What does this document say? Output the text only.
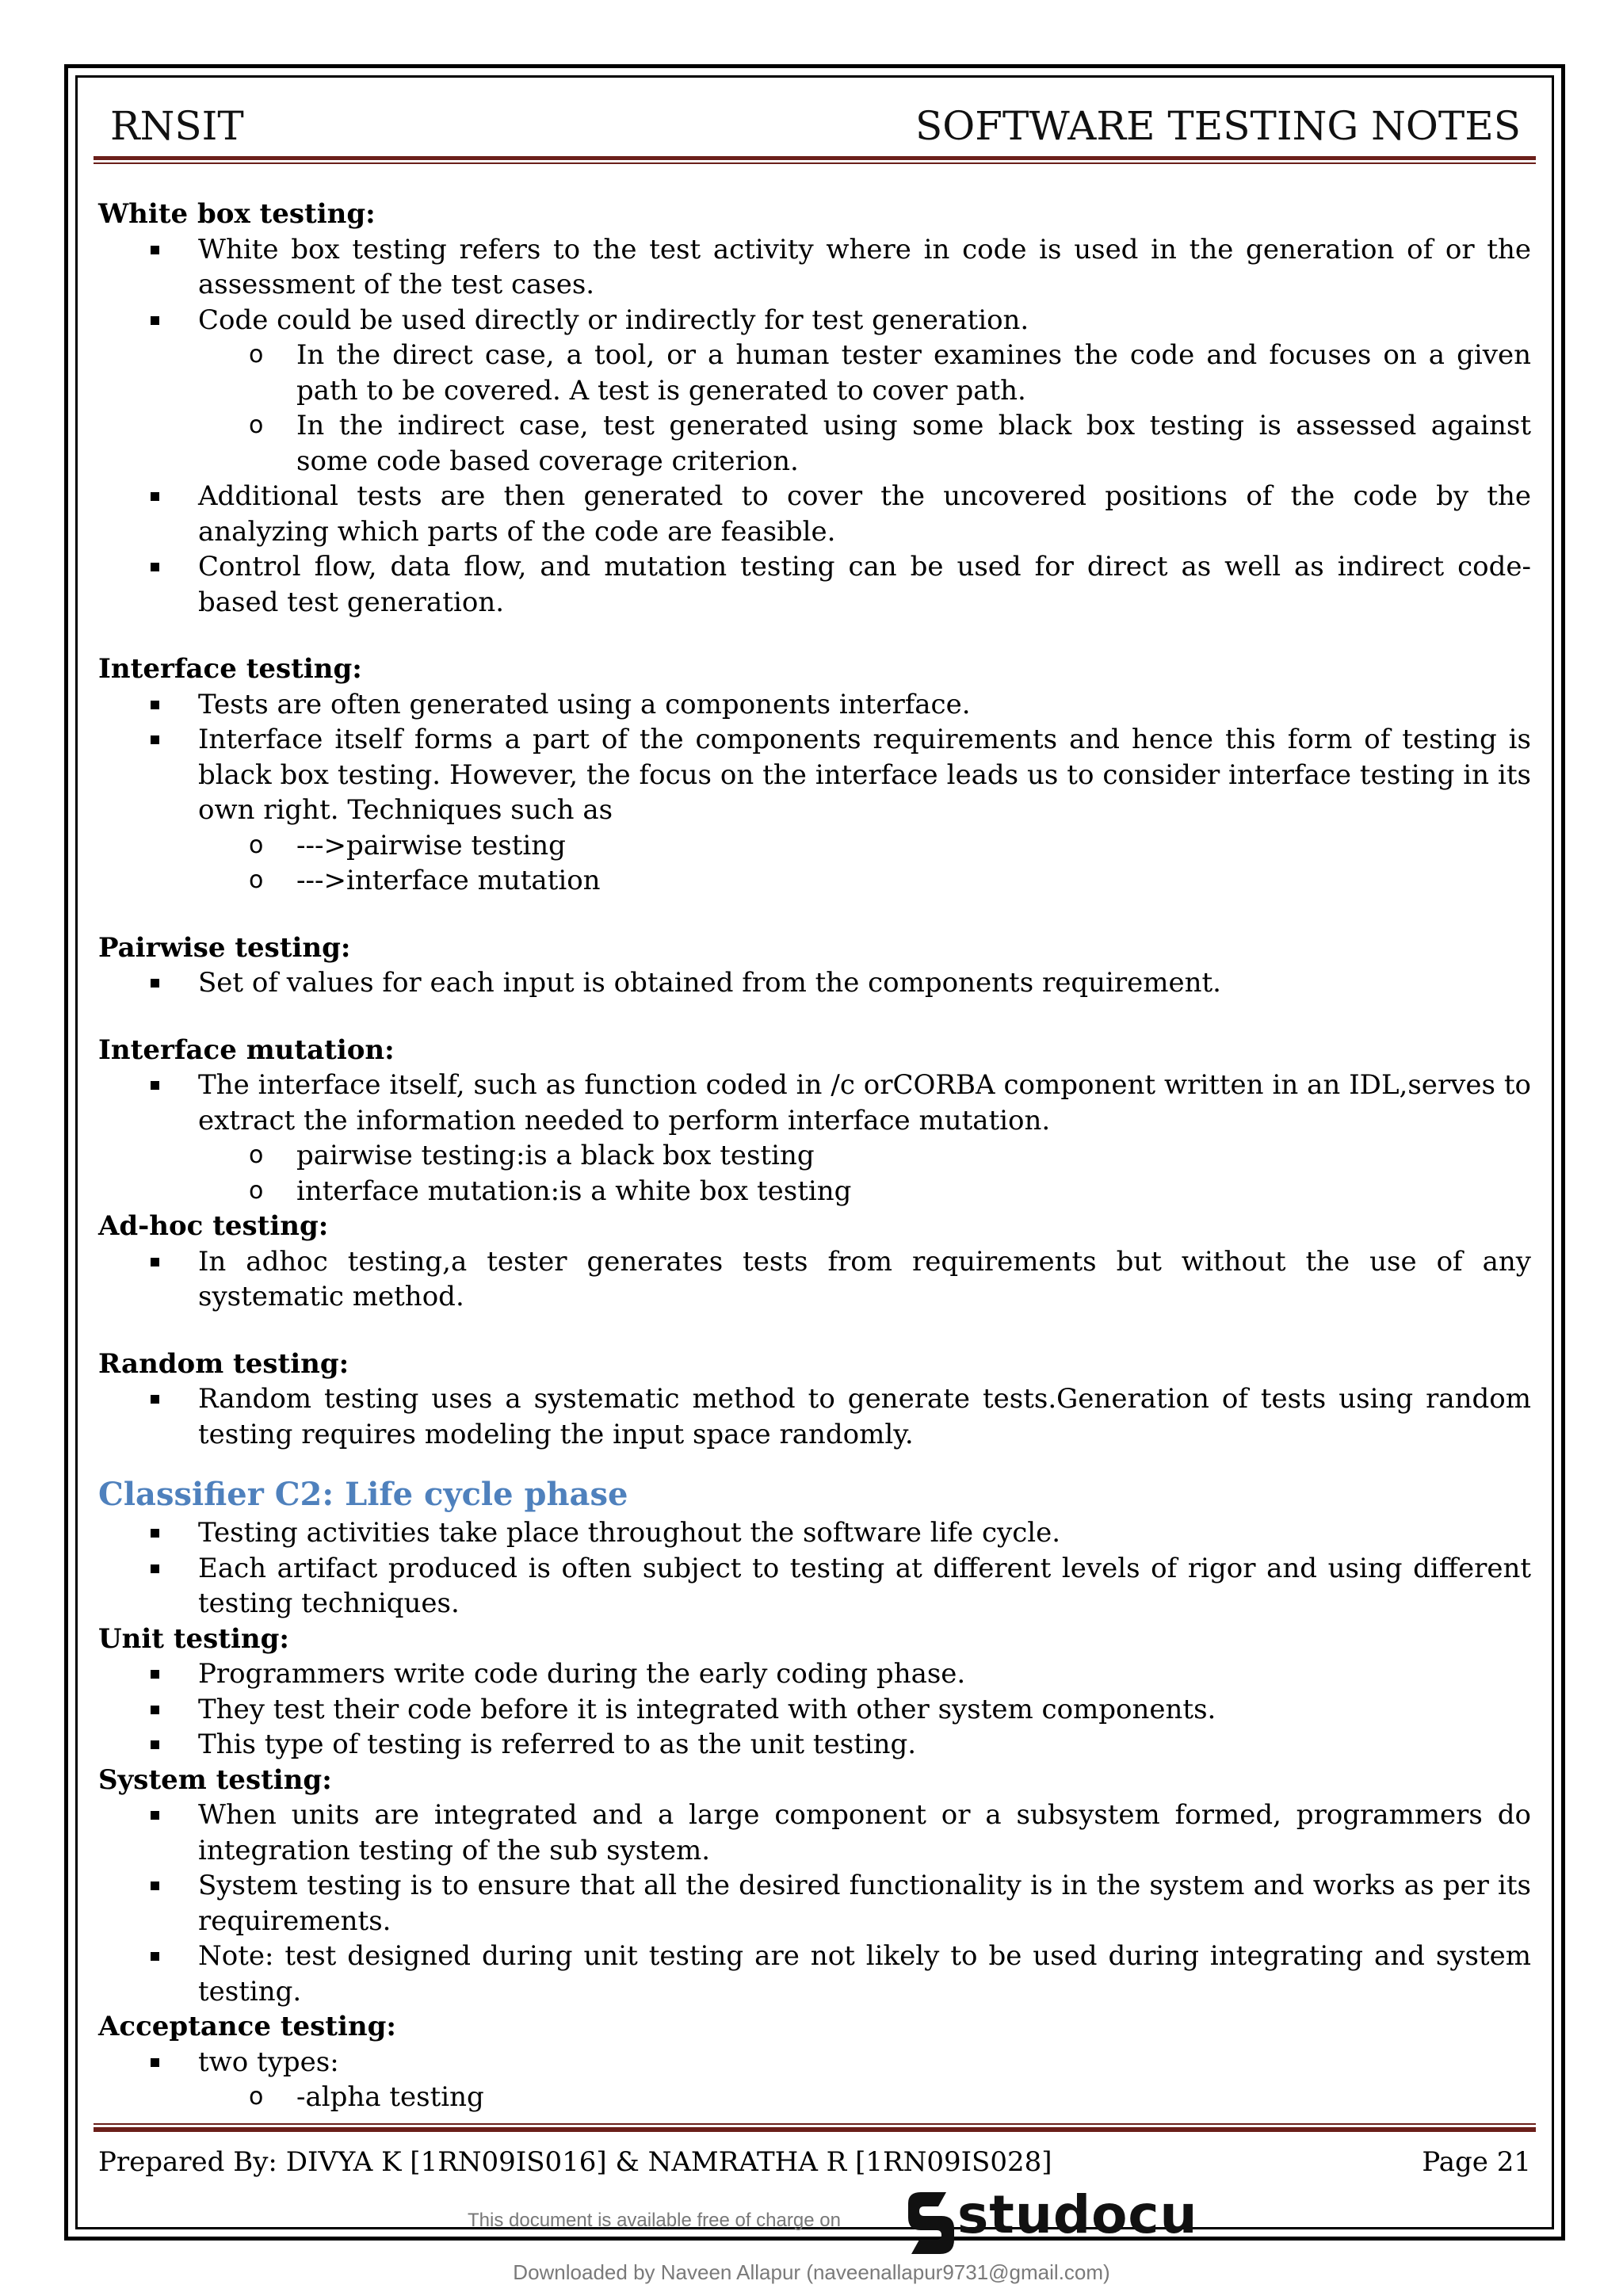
RNSIT	SOFTWARE TESTING NOTES
White box testing:
White box testing refers to the test activity where in code is used in the generation of or the assessment of the test cases.
Code could be used directly or indirectly for test generation.
o In the direct case, a tool, or a human tester examines the code and focuses on a given path to be covered. A test is generated to cover path.
o In the indirect case, test generated using some black box testing is assessed against some code based coverage criterion.
Additional tests are then generated to cover the uncovered positions of the code by the analyzing which parts of the code are feasible.
Control flow, data flow, and mutation testing can be used for direct as well as indirect code-based test generation.
Interface testing:
Tests are often generated using a components interface.
Interface itself forms a part of the components requirements and hence this form of testing is black box testing. However, the focus on the interface leads us to consider interface testing in its own right. Techniques such as
o --->pairwise testing
o --->interface mutation
Pairwise testing:
Set of values for each input is obtained from the components requirement.
Interface mutation:
The interface itself, such as function coded in /c orCORBA component written in an IDL,serves to extract the information needed to perform interface mutation.
o pairwise testing:is a black box testing
o interface mutation:is a white box testing
Ad-hoc testing:
In adhoc testing,a tester generates tests from requirements but without the use of any systematic method.
Random testing:
Random testing uses a systematic method to generate tests.Generation of tests using random testing requires modeling the input space randomly.
Classifier C2: Life cycle phase
Testing activities take place throughout the software life cycle.
Each artifact produced is often subject to testing at different levels of rigor and using different testing techniques.
Unit testing:
Programmers write code during the early coding phase.
They test their code before it is integrated with other system components.
This type of testing is referred to as the unit testing.
System testing:
When units are integrated and a large component or a subsystem formed, programmers do integration testing of the sub system.
System testing is to ensure that all the desired functionality is in the system and works as per its requirements.
Note: test designed during unit testing are not likely to be used during integrating and system testing.
Acceptance testing:
two types:
o -alpha testing
Prepared By: DIVYA K [1RN09IS016] & NAMRATHA R [1RN09IS028]	Page 21
This document is available free of charge on studocu
Downloaded by Naveen Allapur (naveenallapur9731@gmail.com)
